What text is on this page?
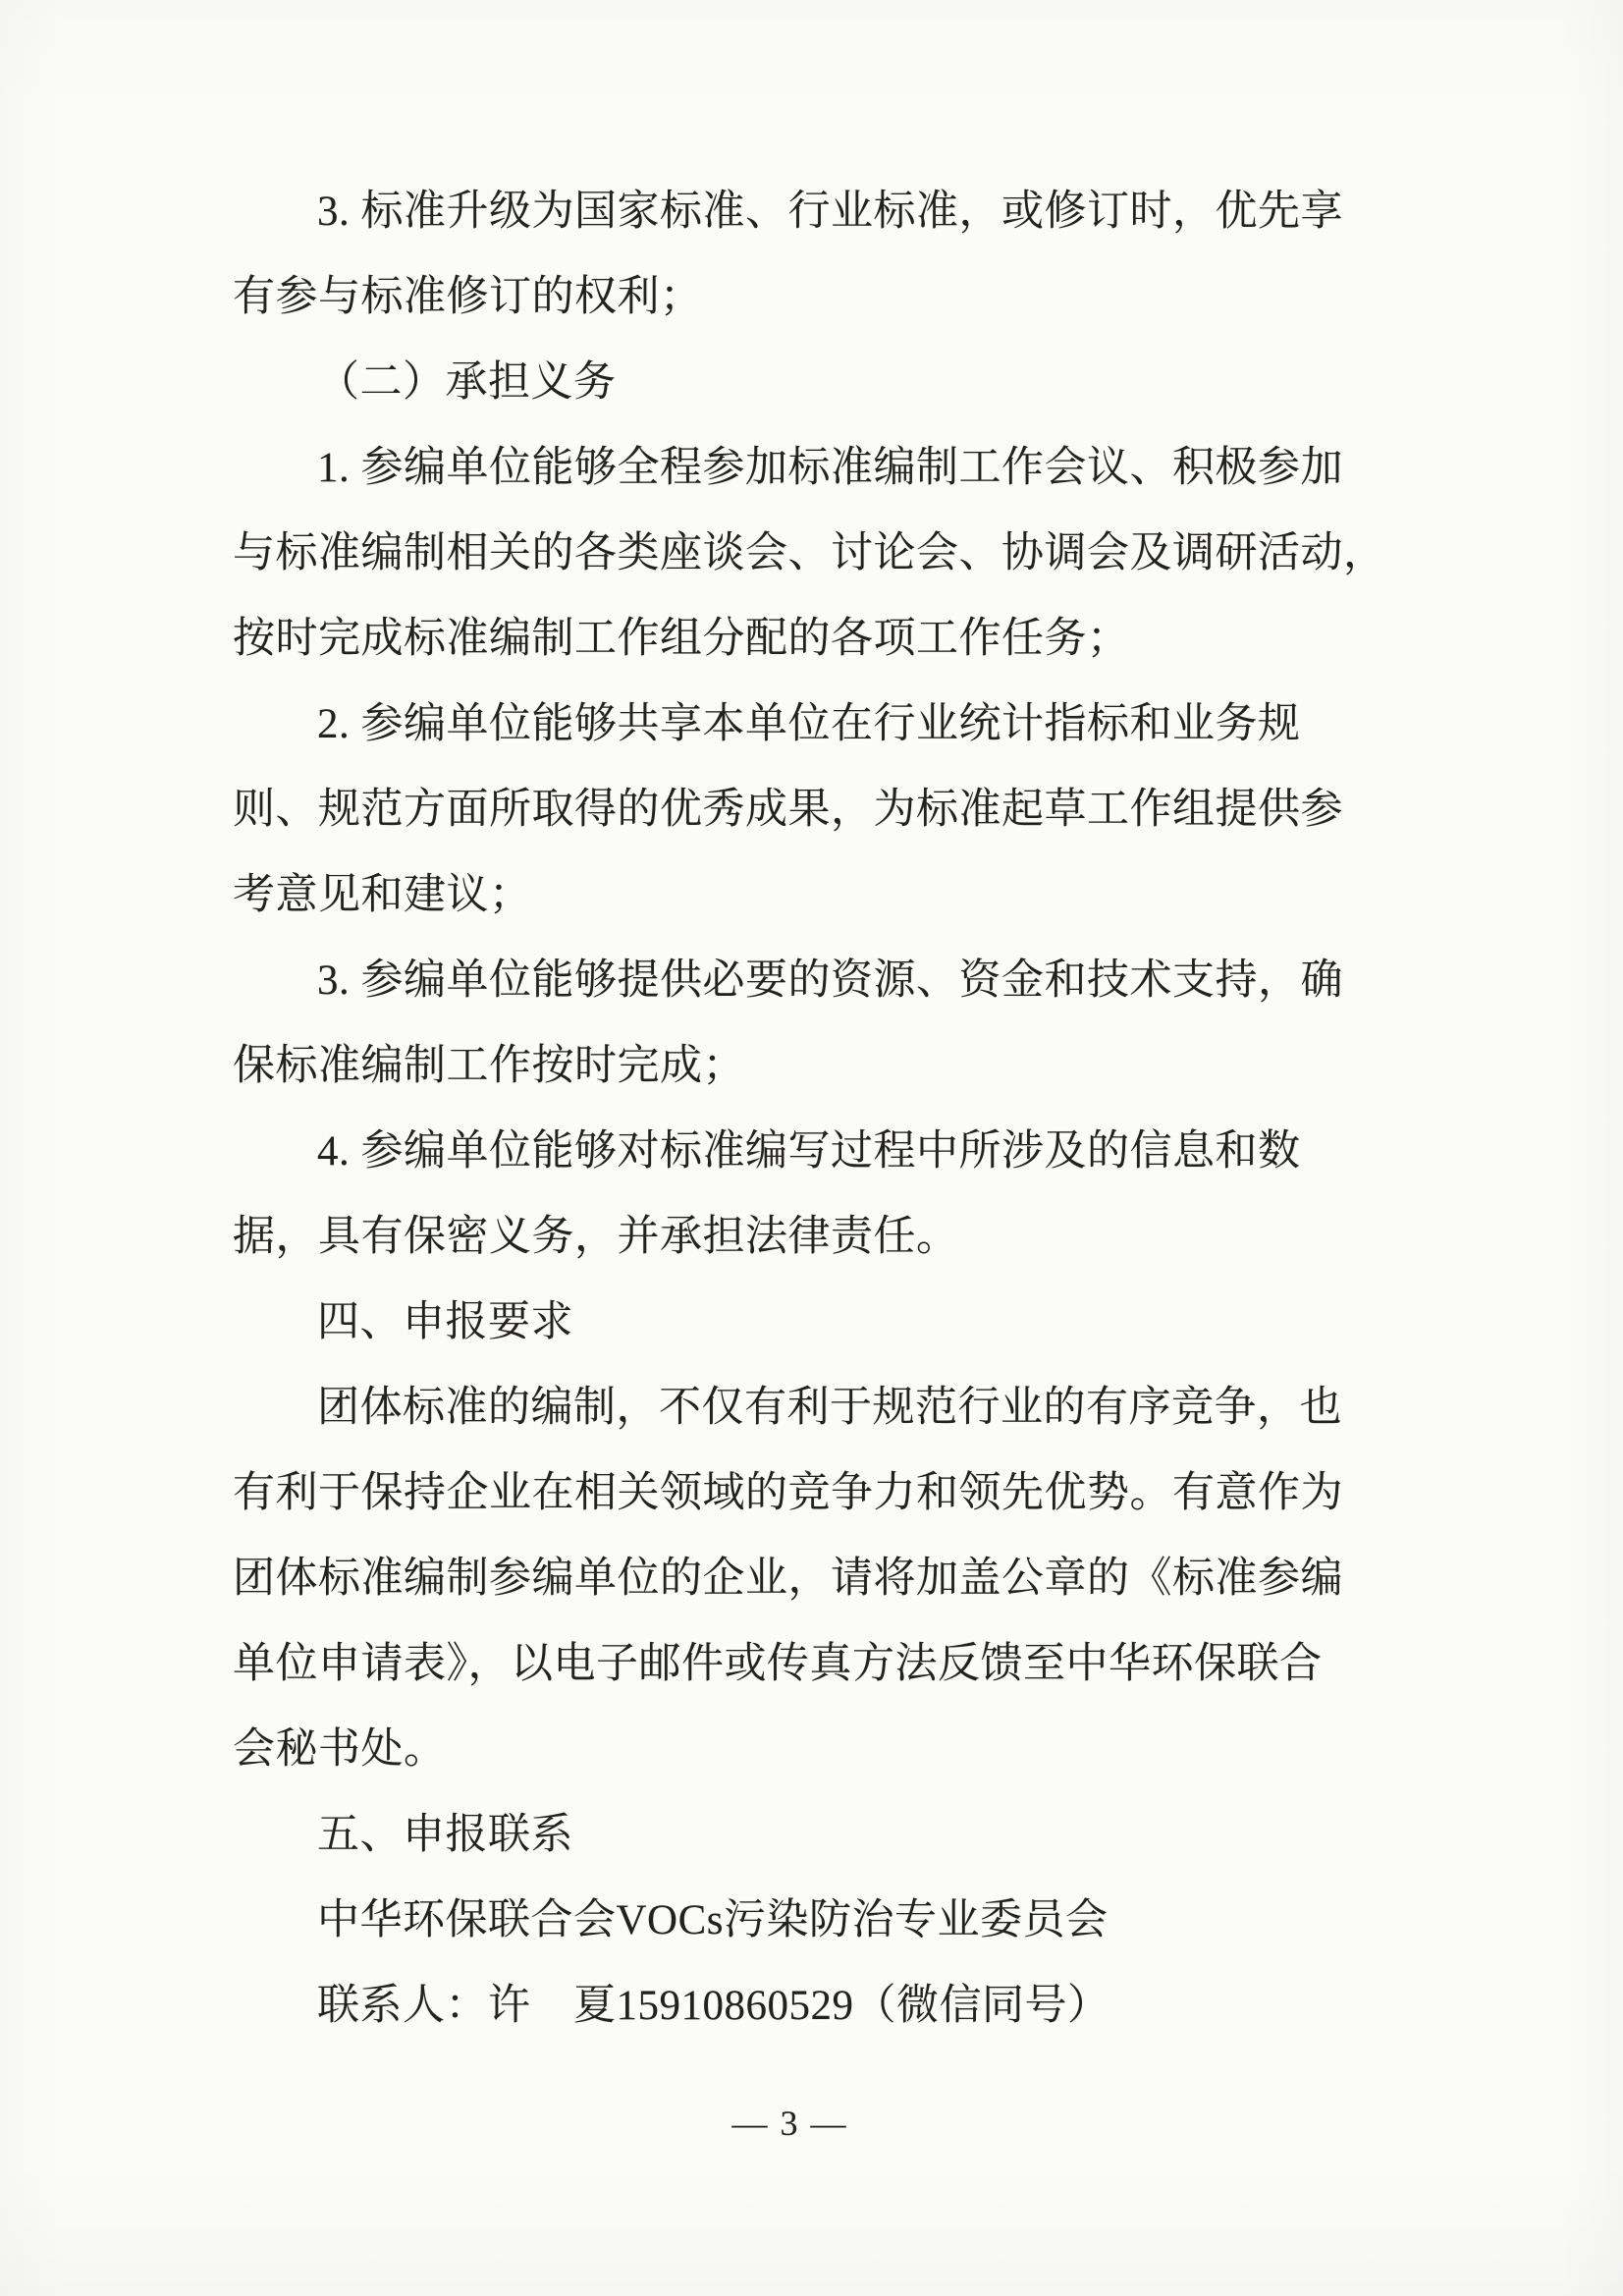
3. 标准升级为国家标准、行业标准，或修订时，优先享
有参与标准修订的权利；
（二）承担义务
1. 参编单位能够全程参加标准编制工作会议、积极参加
与标准编制相关的各类座谈会、讨论会、协调会及调研活动，
按时完成标准编制工作组分配的各项工作任务；
2. 参编单位能够共享本单位在行业统计指标和业务规
则、规范方面所取得的优秀成果，为标准起草工作组提供参
考意见和建议；
3. 参编单位能够提供必要的资源、资金和技术支持，确
保标准编制工作按时完成；
4. 参编单位能够对标准编写过程中所涉及的信息和数
据，具有保密义务，并承担法律责任。
四、申报要求
团体标准的编制，不仅有利于规范行业的有序竞争，也
有利于保持企业在相关领域的竞争力和领先优势。有意作为
团体标准编制参编单位的企业，请将加盖公章的《标准参编
单位申请表》，以电子邮件或传真方法反馈至中华环保联合
会秘书处。
五、申报联系
中华环保联合会VOCs污染防治专业委员会
联系人：许　夏15910860529（微信同号）
— 3 —
